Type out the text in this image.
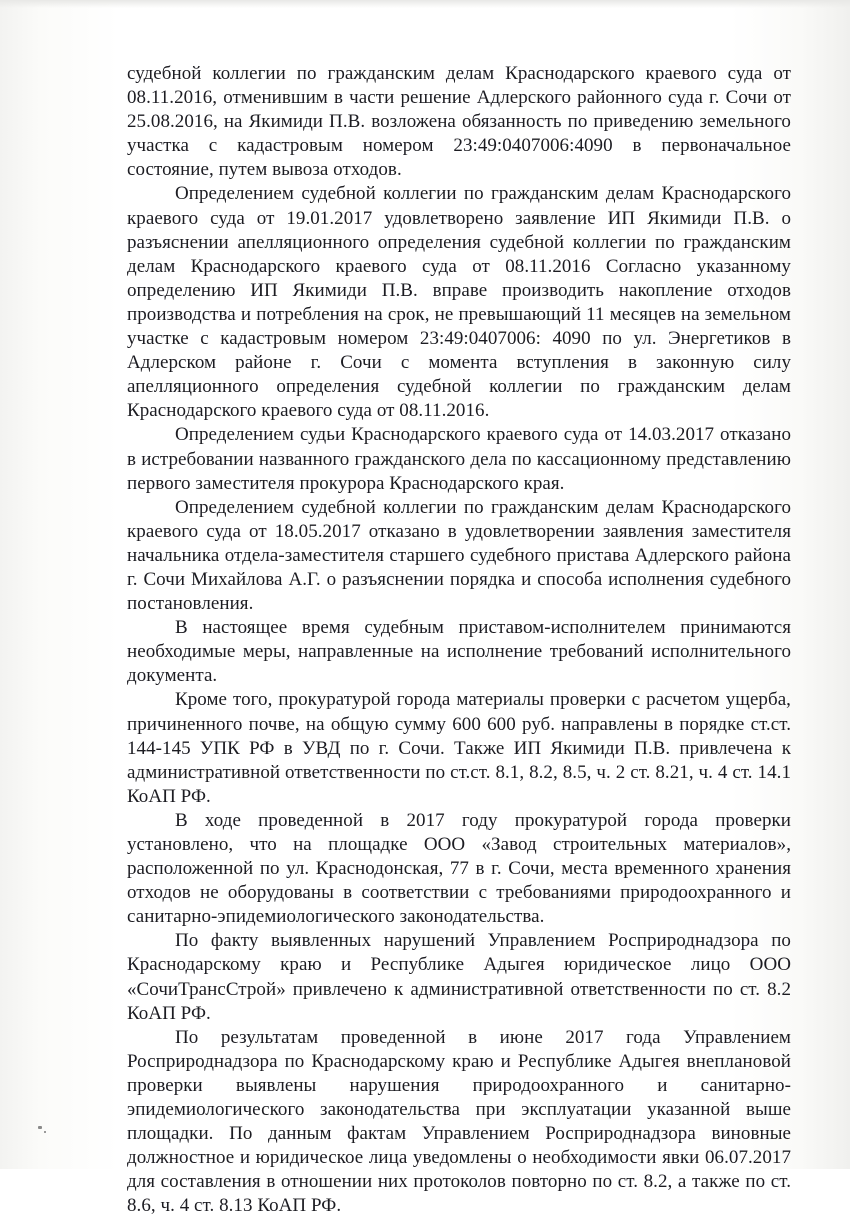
судебной коллегии по гражданским делам Краснодарского краевого суда от 08.11.2016, отменившим в части решение Адлерского районного суда г. Сочи от 25.08.2016, на Якимиди П.В. возложена обязанность по приведению земельного участка с кадастровым номером 23:49:0407006:4090 в первоначальное состояние, путем вывоза отходов.

Определением судебной коллегии по гражданским делам Краснодарского краевого суда от 19.01.2017 удовлетворено заявление ИП Якимиди П.В. о разъяснении апелляционного определения судебной коллегии по гражданским делам Краснодарского краевого суда от 08.11.2016 Согласно указанному определению ИП Якимиди П.В. вправе производить накопление отходов производства и потребления на срок, не превышающий 11 месяцев на земельном участке с кадастровым номером 23:49:0407006: 4090 по ул. Энергетиков в Адлерском районе г. Сочи с момента вступления в законную силу апелляционного определения судебной коллегии по гражданским делам Краснодарского краевого суда от 08.11.2016.

Определением судьи Краснодарского краевого суда от 14.03.2017 отказано в истребовании названного гражданского дела по кассационному представлению первого заместителя прокурора Краснодарского края.

Определением судебной коллегии по гражданским делам Краснодарского краевого суда от 18.05.2017 отказано в удовлетворении заявления заместителя начальника отдела-заместителя старшего судебного пристава Адлерского района г. Сочи Михайлова А.Г. о разъяснении порядка и способа исполнения судебного постановления.

В настоящее время судебным приставом-исполнителем принимаются необходимые меры, направленные на исполнение требований исполнительного документа.

Кроме того, прокуратурой города материалы проверки с расчетом ущерба, причиненного почве, на общую сумму 600 600 руб. направлены в порядке ст.ст. 144-145 УПК РФ в УВД по г. Сочи. Также ИП Якимиди П.В. привлечена к административной ответственности по ст.ст. 8.1, 8.2, 8.5, ч. 2 ст. 8.21, ч. 4 ст. 14.1 КоАП РФ.

В ходе проведенной в 2017 году прокуратурой города проверки установлено, что на площадке ООО «Завод строительных материалов», расположенной по ул. Краснодонская, 77 в г. Сочи, места временного хранения отходов не оборудованы в соответствии с требованиями природоохранного и санитарно-эпидемиологического законодательства.

По факту выявленных нарушений Управлением Росприроднадзора по Краснодарскому краю и Республике Адыгея юридическое лицо ООО «СочиТрансСтрой» привлечено к административной ответственности по ст. 8.2 КоАП РФ.

По результатам проведенной в июне 2017 года Управлением Росприроднадзора по Краснодарскому краю и Республике Адыгея внеплановой проверки выявлены нарушения природоохранного и санитарно-эпидемиологического законодательства при эксплуатации указанной выше площадки. По данным фактам Управлением Росприроднадзора виновные должностное и юридическое лица уведомлены о необходимости явки 06.07.2017 для составления в отношении них протоколов повторно по ст. 8.2, а также по ст. 8.6, ч. 4 ст. 8.13 КоАП РФ.
